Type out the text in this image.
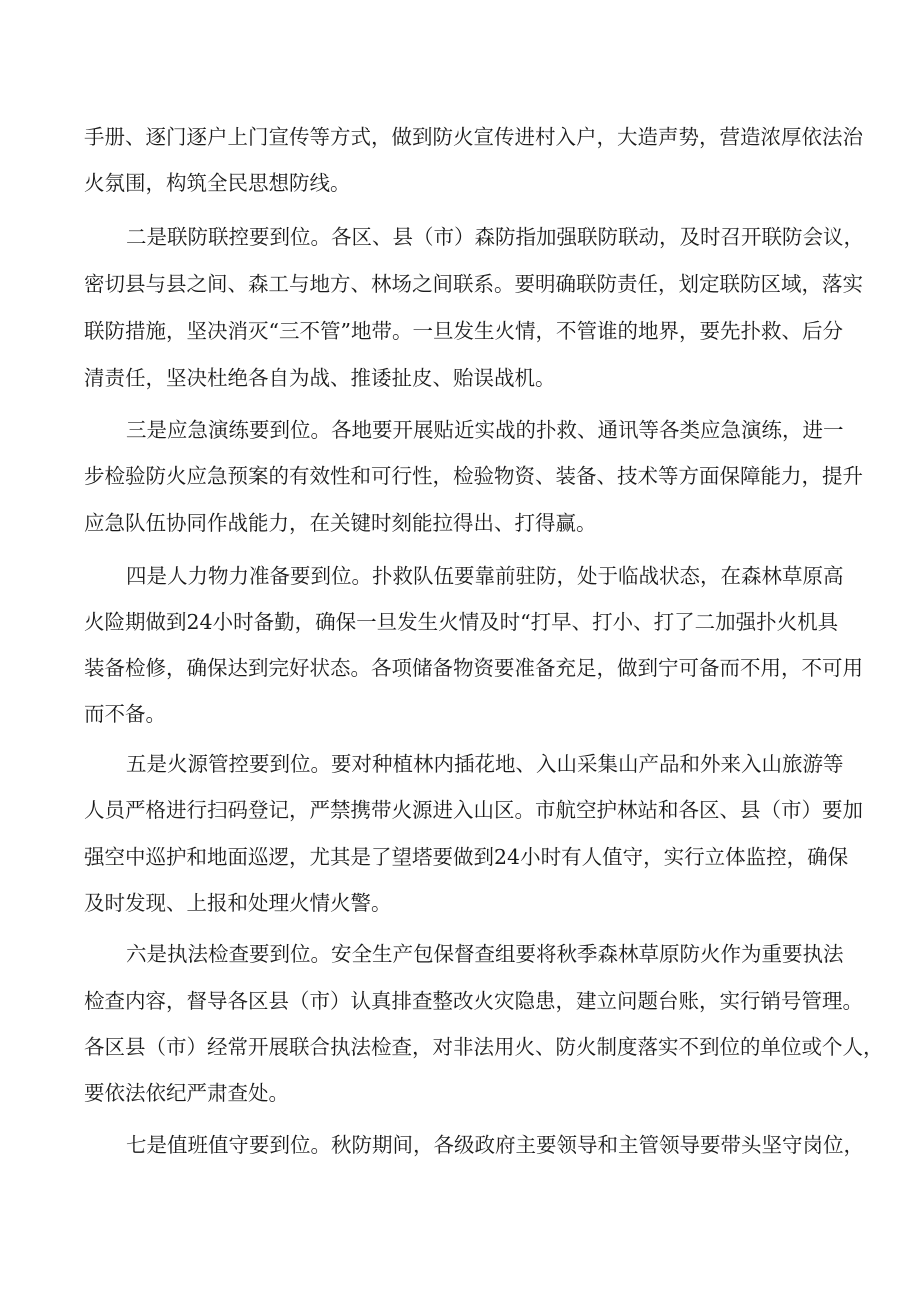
手册、逐门逐户上门宣传等方式，做到防火宣传进村入户，大造声势，营造浓厚依法治
火氛围，构筑全民思想防线。
二是联防联控要到位。各区、县（市）森防指加强联防联动，及时召开联防会议，
密切县与县之间、森工与地方、林场之间联系。要明确联防责任，划定联防区域，落实
联防措施，坚决消灭“三不管”地带。一旦发生火情，不管谁的地界，要先扑救、后分
清责任，坚决杜绝各自为战、推诿扯皮、贻误战机。
三是应急演练要到位。各地要开展贴近实战的扑救、通讯等各类应急演练，进一
步检验防火应急预案的有效性和可行性，检验物资、装备、技术等方面保障能力，提升
应急队伍协同作战能力，在关键时刻能拉得出、打得赢。
四是人力物力准备要到位。扑救队伍要靠前驻防，处于临战状态，在森林草原高
火险期做到24小时备勤，确保一旦发生火情及时“打早、打小、打了二加强扑火机具
装备检修，确保达到完好状态。各项储备物资要准备充足，做到宁可备而不用，不可用
而不备。
五是火源管控要到位。要对种植林内插花地、入山采集山产品和外来入山旅游等
人员严格进行扫码登记，严禁携带火源进入山区。市航空护林站和各区、县（市）要加
强空中巡护和地面巡逻，尤其是了望塔要做到24小时有人值守，实行立体监控，确保
及时发现、上报和处理火情火警。
六是执法检查要到位。安全生产包保督查组要将秋季森林草原防火作为重要执法
检查内容，督导各区县（市）认真排查整改火灾隐患，建立问题台账，实行销号管理。
各区县（市）经常开展联合执法检查，对非法用火、防火制度落实不到位的单位或个人，
要依法依纪严肃查处。
七是值班值守要到位。秋防期间，各级政府主要领导和主管领导要带头坚守岗位，
